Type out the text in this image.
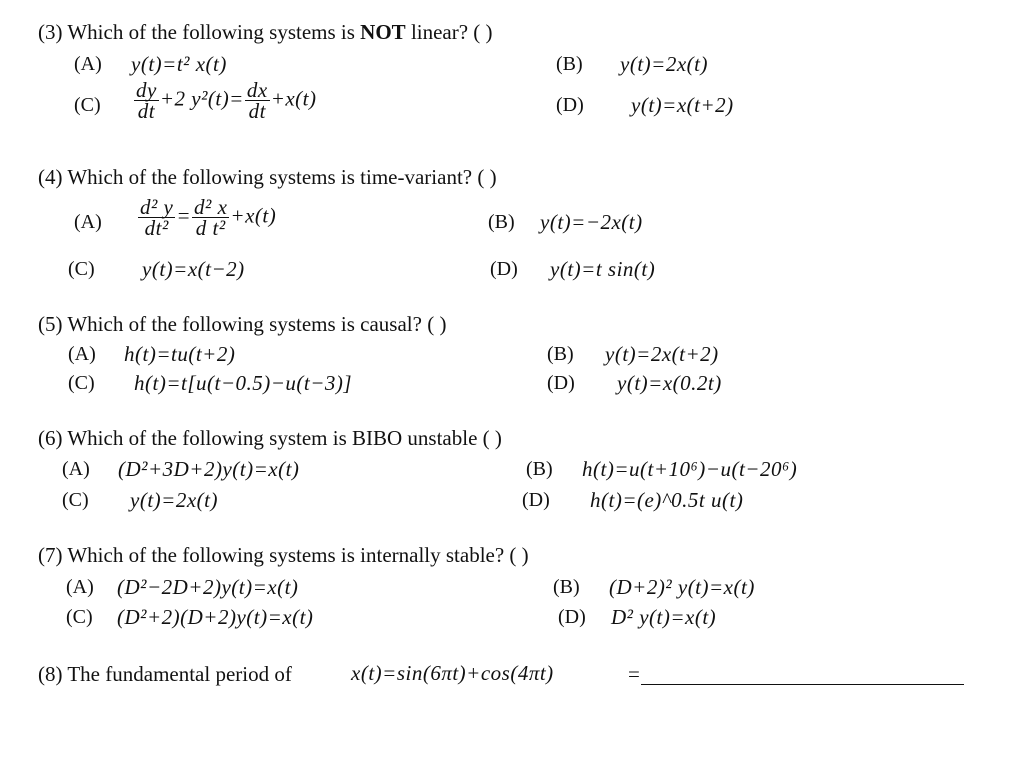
(3) Which of the following systems is NOT linear? ( )
(A) y(t)=t² x(t)	(B) y(t)=2x(t)
$(C) \frac{dy}{dt} +2$ $y^2(t)= \frac{dx}{dt} +x(t)$	(D) y(t)=x(t+2)
(4) Which of the following systems is time-variant? ( )
$(A) \frac{\text{d² y}}{\text{dt²}} = \frac{\text{d² x}}{\text{d t²}} +x(t)$	(B) y(t)=−2x(t)
(C) y(t)=x(t−2)	(D) y(t)=t sin(t)
(5) Which of the following systems is causal? ( )
(A) h(t)=tu(t+2)	(B) y(t)=2x(t+2)
(C) h(t)=t[u(t−0.5)−u(t−3)]	(D) y(t)=x(0.2t)
(6) Which of the following system is BIBO unstable ( )
(A) (D²+3D+2)y(t)=x(t)	(B) h(t)=u(t+10⁶)−u(t−20⁶)
(C) y(t)=2x(t)	(D) h(t)=(e)^0.5t u(t)
(7) Which of the following systems is internally stable? ( )
(A) (D²−2D+2)y(t)=x(t)	(B) (D+2)² y(t)=x(t)
(C) (D²+2)(D+2)y(t)=x(t)	(D) D² y(t)=x(t)
(8) The fundamental period of	x(t)=sin(6πt)+cos(4πt)	=
